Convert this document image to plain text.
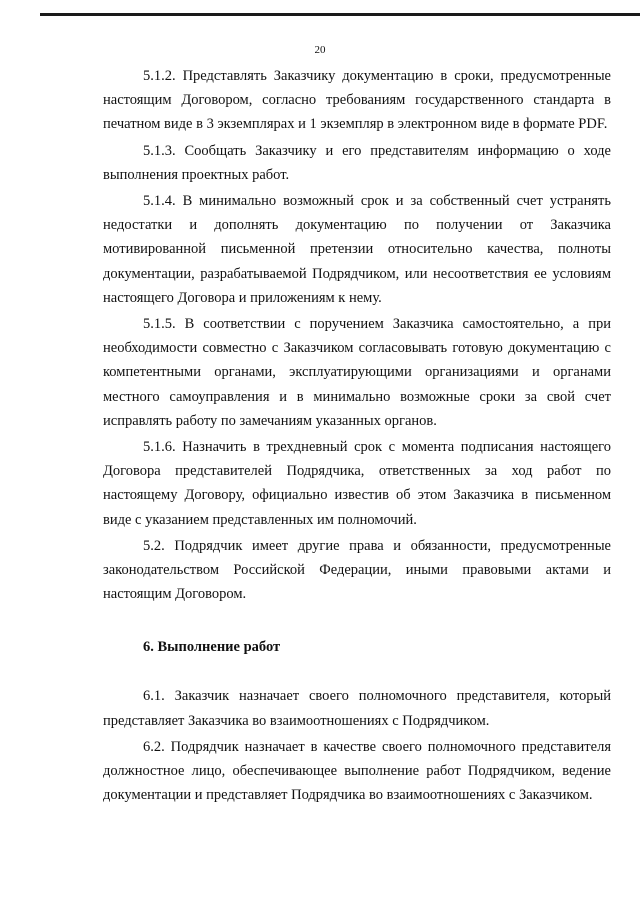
20

5.1.2. Представлять Заказчику документацию в сроки, предусмотренные настоящим Договором, согласно требованиям государственного стандарта в печатном виде в 3 экземплярах и 1 экземпляр в электронном виде в формате PDF.

5.1.3. Сообщать Заказчику и его представителям информацию о ходе выполнения проектных работ.

5.1.4. В минимально возможный срок и за собственный счет устранять недостатки и дополнять документацию по получении от Заказчика мотивированной письменной претензии относительно качества, полноты документации, разрабатываемой Подрядчиком, или несоответствия ее условиям настоящего Договора и приложениям к нему.

5.1.5. В соответствии с поручением Заказчика самостоятельно, а при необходимости совместно с Заказчиком согласовывать готовую документацию с компетентными органами, эксплуатирующими организациями и органами местного самоуправления и в минимально возможные сроки за свой счет исправлять работу по замечаниям указанных органов.

5.1.6. Назначить в трехдневный срок с момента подписания настоящего Договора представителей Подрядчика, ответственных за ход работ по настоящему Договору, официально известив об этом Заказчика в письменном виде с указанием представленных им полномочий.

5.2. Подрядчик имеет другие права и обязанности, предусмотренные законодательством Российской Федерации, иными правовыми актами и настоящим Договором.

6. Выполнение работ

6.1. Заказчик назначает своего полномочного представителя, который представляет Заказчика во взаимоотношениях с Подрядчиком.

6.2. Подрядчик назначает в качестве своего полномочного представителя должностное лицо, обеспечивающее выполнение работ Подрядчиком, ведение документации и представляет Подрядчика во взаимоотношениях с Заказчиком.
